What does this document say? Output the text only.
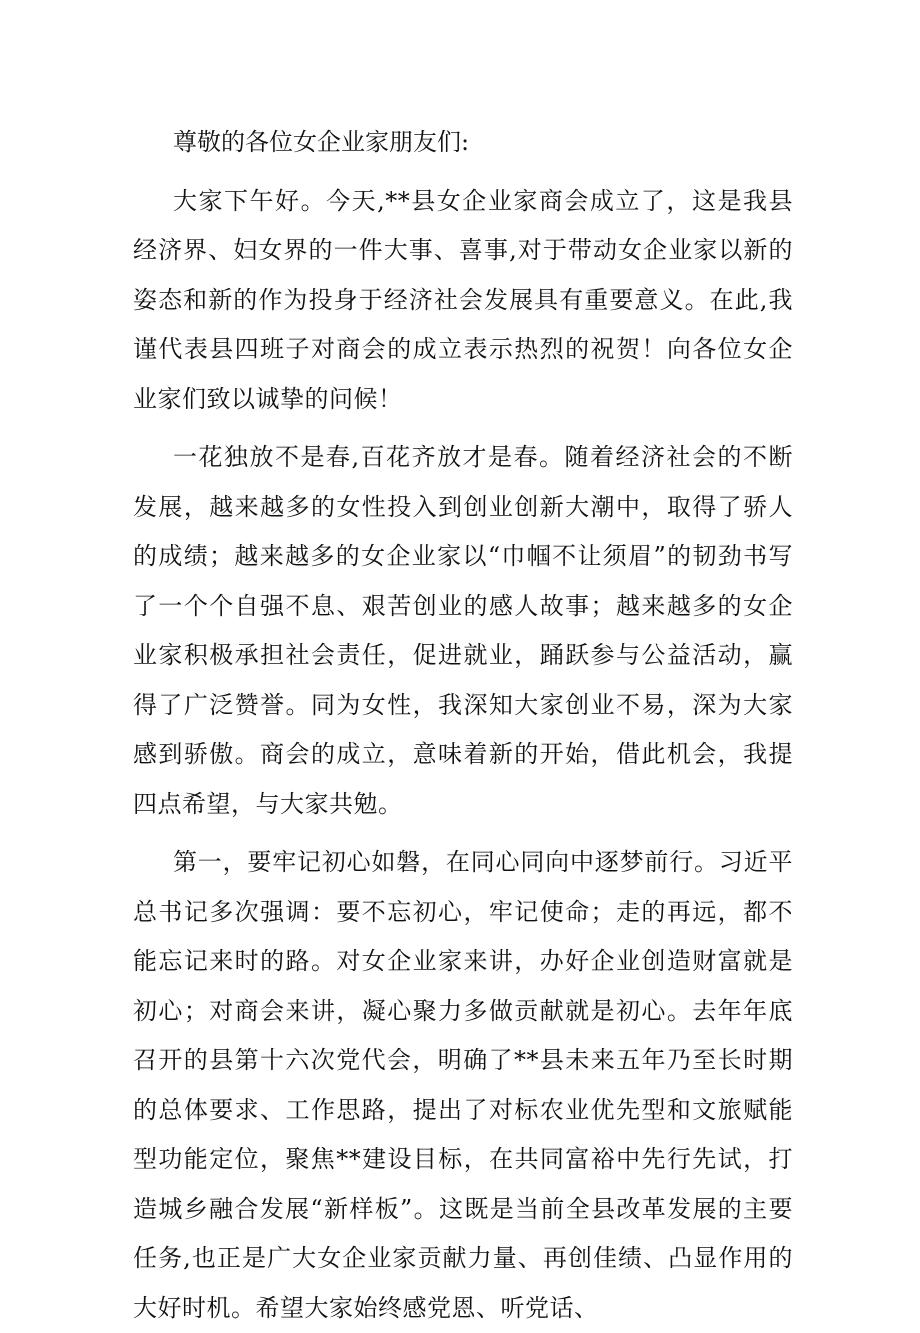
尊敬的各位女企业家朋友们:

大家下午好。今天,**县女企业家商会成立了，这是我县经济界、妇女界的一件大事、喜事,对于带动女企业家以新的姿态和新的作为投身于经济社会发展具有重要意义。在此,我谨代表县四班子对商会的成立表示热烈的祝贺！向各位女企业家们致以诚挚的问候！

一花独放不是春,百花齐放才是春。随着经济社会的不断发展，越来越多的女性投入到创业创新大潮中，取得了骄人的成绩；越来越多的女企业家以“巾帼不让须眉”的韧劲书写了一个个自强不息、艰苦创业的感人故事；越来越多的女企业家积极承担社会责任，促进就业，踊跃参与公益活动，赢得了广泛赞誉。同为女性，我深知大家创业不易，深为大家感到骄傲。商会的成立，意味着新的开始，借此机会，我提四点希望，与大家共勉。

第一，要牢记初心如磐，在同心同向中逐梦前行。习近平总书记多次强调：要不忘初心，牢记使命；走的再远，都不能忘记来时的路。对女企业家来讲，办好企业创造财富就是初心；对商会来讲，凝心聚力多做贡献就是初心。去年年底召开的县第十六次党代会，明确了**县未来五年乃至长时期的总体要求、工作思路，提出了对标农业优先型和文旅赋能型功能定位，聚焦**建设目标，在共同富裕中先行先试，打造城乡融合发展“新样板”。这既是当前全县改革发展的主要任务,也正是广大女企业家贡献力量、再创佳绩、凸显作用的大好时机。希望大家始终感党恩、听党话、
